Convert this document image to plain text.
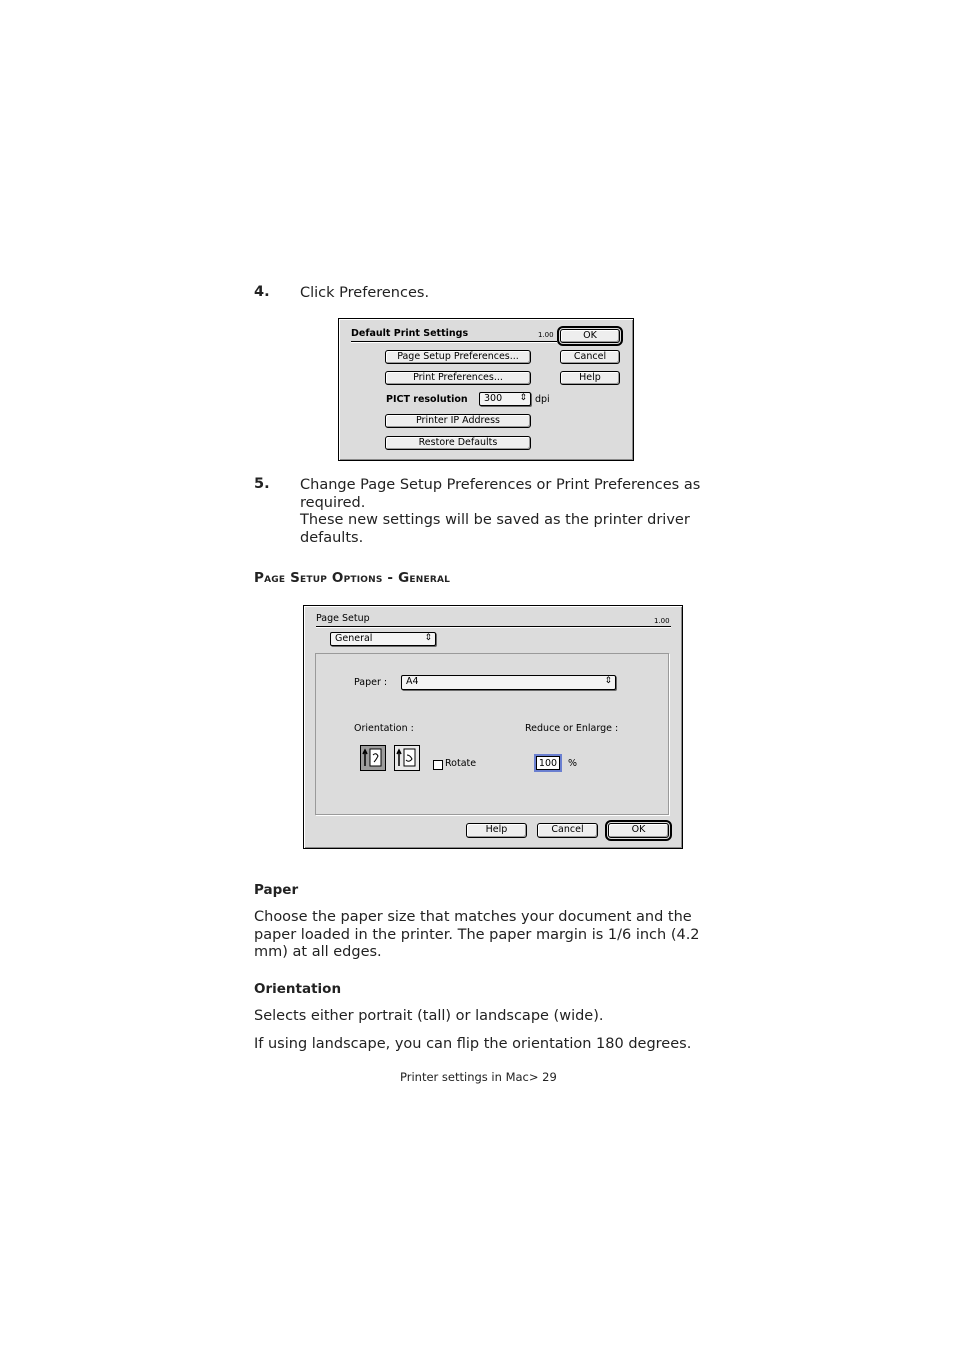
4. Click Preferences.
Default Print Settings	1.00	OK
Cancel
Help
Page Setup Preferences...
Print Preferences...
PICT resolution 300 ⇕ dpi
Printer IP Address
Restore Defaults
5. Change Page Setup Preferences or Print Preferences as
required.
These new settings will be saved as the printer driver
defaults.
Page Setup Options - General
Page Setup	1.00
General	⇕
Paper : A4	⇕
Orientation :
Rotate
Reduce or Enlarge :
100	%
Help	Cancel	OK
Paper
Choose the paper size that matches your document and the
paper loaded in the printer. The paper margin is 1/6 inch (4.2
mm) at all edges.
Orientation
Selects either portrait (tall) or landscape (wide).
If using landscape, you can flip the orientation 180 degrees.
Printer settings in Mac> 29
